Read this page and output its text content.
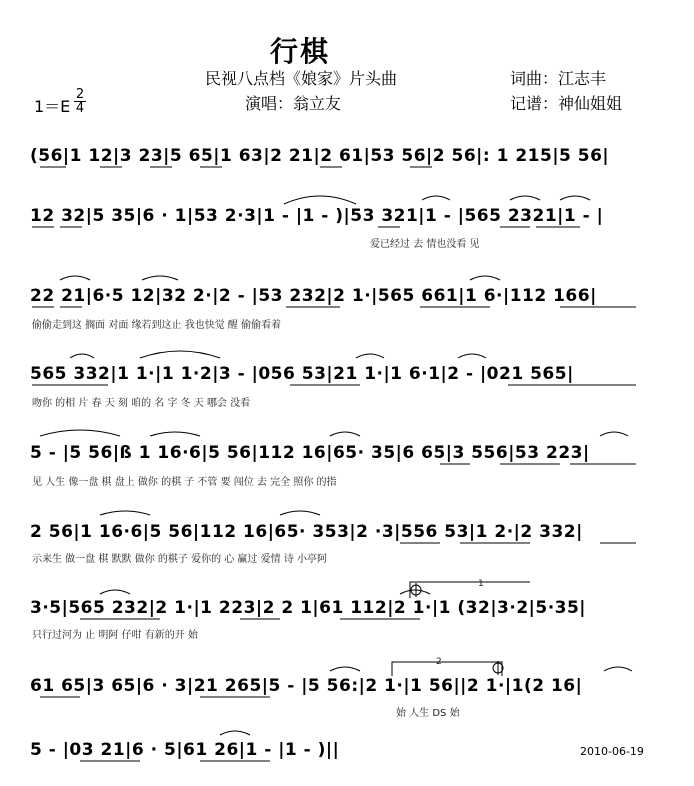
行棋
民视八点档《娘家》片头曲	词曲：江志丰
演唱：翁立友	记谱：神仙姐姐
$1=E \frac{2}{4}$
(56|1 12|3 23|5 65|1 63|2 21|2 61|53 56|2 56|: 1 215|5 56|
12 32|5 35|6 · 1|53 2·3|1 - |1 - )|53 321|1 - |565 2321|1 - |
爱已经过 去 情也没看 见
22 21|6·5 12|32 2·|2 - |53 232|2 1·|565 661|1 6·|112 166|
偷偷走到这 搁面 对面 缘若到这止 我也快觉 醒 偷偷看着
565 332|1 1·|1 1·2|3 - |056 53|21 1·|1 6·1|2 - |021 565|
吻你 的相 片 春 天 刻 咱的 名 字 冬 天 哪会 没看
5 - |5 56|ß 1 16·6|5 56|112 16|65· 35|6 65|3 556|53 223|
见 人生 像一盘 棋 盘上 做你 的棋 子 不管 要 闯位 去 完全 照你 的指
2 56|1 16·6|5 56|112 16|65· 353|2 ·3|556 53|1 2·|2 332|
示来生 做一盘 棋 默默 做你 的棋子 爱你的 心 赢过 爱情 诗 小亭阿
3·5|565 232|2 1·|1 223|2 2 1|61 112|2 1·|1 (32|3·2|5·35|
只行过河为 止 明阿 仔咁 有新的开 始
1
61 65|3 65|6 · 3|21 265|5 - |5 56:|2 1·|1 56||2 1·|1(2 16|
始 人生 DS 始
2
5 - |03 21|6 · 5|61 26|1 - |1 - )||	2010-06-19
